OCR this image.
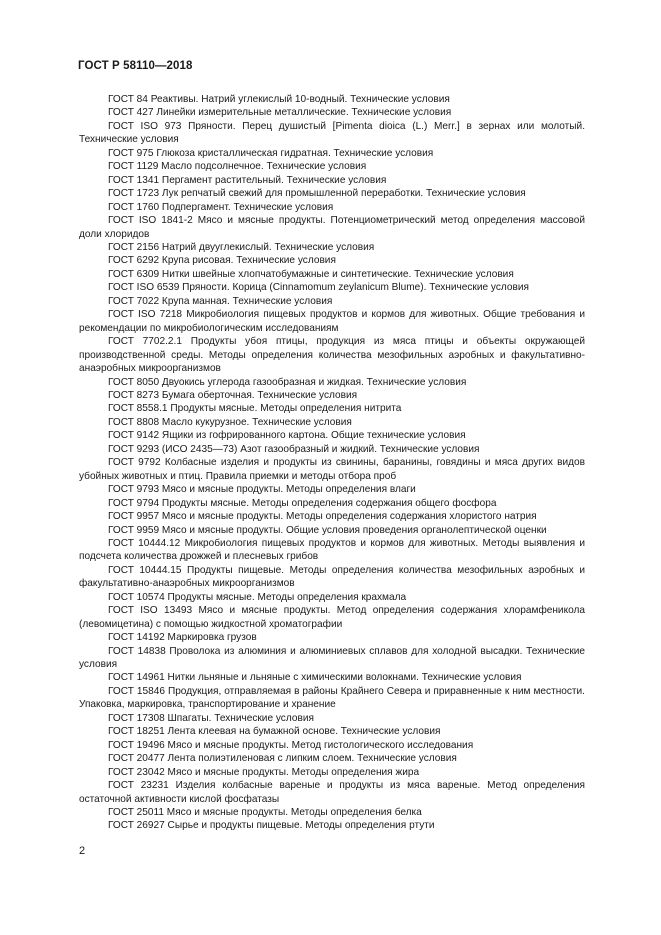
ГОСТ Р 58110—2018

ГОСТ 84 Реактивы. Натрий углекислый 10-водный. Технические условия

ГОСТ 427 Линейки измерительные металлические. Технические условия

ГОСТ ISO 973 Пряности. Перец душистый [Pimenta dioica (L.) Merr.] в зернах или молотый. Технические условия

ГОСТ 975 Глюкоза кристаллическая гидратная. Технические условия

ГОСТ 1129 Масло подсолнечное. Технические условия

ГОСТ 1341 Пергамент растительный. Технические условия

ГОСТ 1723 Лук репчатый свежий для промышленной переработки. Технические условия

ГОСТ 1760 Подпергамент. Технические условия

ГОСТ ISO 1841-2 Мясо и мясные продукты. Потенциометрический метод определения массовой доли хлоридов

ГОСТ 2156 Натрий двууглекислый. Технические условия

ГОСТ 6292 Крупа рисовая. Технические условия

ГОСТ 6309 Нитки швейные хлопчатобумажные и синтетические. Технические условия

ГОСТ ISO 6539 Пряности. Корица (Cinnamomum zeylanicum Blume). Технические условия

ГОСТ 7022 Крупа манная. Технические условия

ГОСТ ISO 7218 Микробиология пищевых продуктов и кормов для животных. Общие требования и рекомендации по микробиологическим исследованиям

ГОСТ 7702.2.1 Продукты убоя птицы, продукция из мяса птицы и объекты окружающей производственной среды. Методы определения количества мезофильных аэробных и факультативно-анаэробных микроорганизмов

ГОСТ 8050 Двуокись углерода газообразная и жидкая. Технические условия

ГОСТ 8273 Бумага оберточная. Технические условия

ГОСТ 8558.1 Продукты мясные. Методы определения нитрита

ГОСТ 8808 Масло кукурузное. Технические условия

ГОСТ 9142 Ящики из гофрированного картона. Общие технические условия

ГОСТ 9293 (ИСО 2435—73) Азот газообразный и жидкий. Технические условия

ГОСТ 9792 Колбасные изделия и продукты из свинины, баранины, говядины и мяса других видов убойных животных и птиц. Правила приемки и методы отбора проб

ГОСТ 9793 Мясо и мясные продукты. Методы определения влаги

ГОСТ 9794 Продукты мясные. Методы определения содержания общего фосфора

ГОСТ 9957 Мясо и мясные продукты. Методы определения содержания хлористого натрия

ГОСТ 9959 Мясо и мясные продукты. Общие условия проведения органолептической оценки

ГОСТ 10444.12 Микробиология пищевых продуктов и кормов для животных. Методы выявления и подсчета количества дрожжей и плесневых грибов

ГОСТ 10444.15 Продукты пищевые. Методы определения количества мезофильных аэробных и факультативно-анаэробных микроорганизмов

ГОСТ 10574 Продукты мясные. Методы определения крахмала

ГОСТ ISO 13493 Мясо и мясные продукты. Метод определения содержания хлорамфеникола (левомицетина) с помощью жидкостной хроматографии

ГОСТ 14192 Маркировка грузов

ГОСТ 14838 Проволока из алюминия и алюминиевых сплавов для холодной высадки. Технические условия

ГОСТ 14961 Нитки льняные и льняные с химическими волокнами. Технические условия

ГОСТ 15846 Продукция, отправляемая в районы Крайнего Севера и приравненные к ним местности. Упаковка, маркировка, транспортирование и хранение

ГОСТ 17308 Шпагаты. Технические условия

ГОСТ 18251 Лента клеевая на бумажной основе. Технические условия

ГОСТ 19496 Мясо и мясные продукты. Метод гистологического исследования

ГОСТ 20477 Лента полиэтиленовая с липким слоем. Технические условия

ГОСТ 23042 Мясо и мясные продукты. Методы определения жира

ГОСТ 23231 Изделия колбасные вареные и продукты из мяса вареные. Метод определения остаточной активности кислой фосфатазы

ГОСТ 25011 Мясо и мясные продукты. Методы определения белка

ГОСТ 26927 Сырье и продукты пищевые. Методы определения ртути

2
